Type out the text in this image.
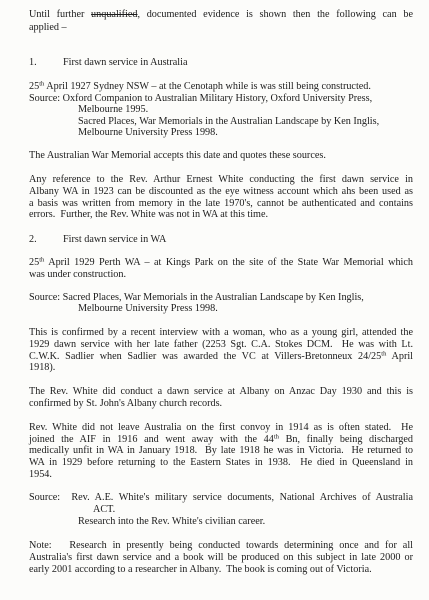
Until further unqualified, documented evidence is shown then the following can be
applied –
1.	First dawn service in Australia
25th April 1927 Sydney NSW – at the Cenotaph while is was still being constructed.
Source: Oxford Companion to Australian Military History, Oxford University Press,
Melbourne 1995.
Sacred Places, War Memorials in the Australian Landscape by Ken Inglis,
Melbourne University Press 1998.
The Australian War Memorial accepts this date and quotes these sources.
Any reference to the Rev. Arthur Ernest White conducting the first dawn service in
Albany WA in 1923 can be discounted as the eye witness account which ahs been used as
a basis was written from memory in the late 1970's, cannot be authenticated and contains
errors.  Further, the Rev. White was not in WA at this time.
2.	First dawn service in WA
25th April 1929 Perth WA – at Kings Park on the site of the State War Memorial which
was under construction.
Source: Sacred Places, War Memorials in the Australian Landscape by Ken Inglis,
Melbourne University Press 1998.
This is confirmed by a recent interview with a woman, who as a young girl, attended the
1929 dawn service with her late father (2253 Sgt. C.A. Stokes DCM.  He was with Lt.
C.W.K. Sadlier when Sadlier was awarded the VC at Villers-Bretonneux 24/25th April
1918).
The Rev. White did conduct a dawn service at Albany on Anzac Day 1930 and this is
confirmed by St. John's Albany church records.
Rev. White did not leave Australia on the first convoy in 1914 as is often stated.  He
joined the AIF in 1916 and went away with the 44th Bn, finally being discharged
medically unfit in WA in January 1918.  By late 1918 he was in Victoria.  He returned to
WA in 1929 before returning to the Eastern States in 1938.  He died in Queensland in
1954.
Source:  Rev. A.E. White's military service documents, National Archives of Australia
ACT.
Research into the Rev. White's civilian career.
Note:   Research in presently being conducted towards determining once and for all
Australia's first dawn service and a book will be produced on this subject in late 2000 or
early 2001 according to a researcher in Albany.  The book is coming out of Victoria.
